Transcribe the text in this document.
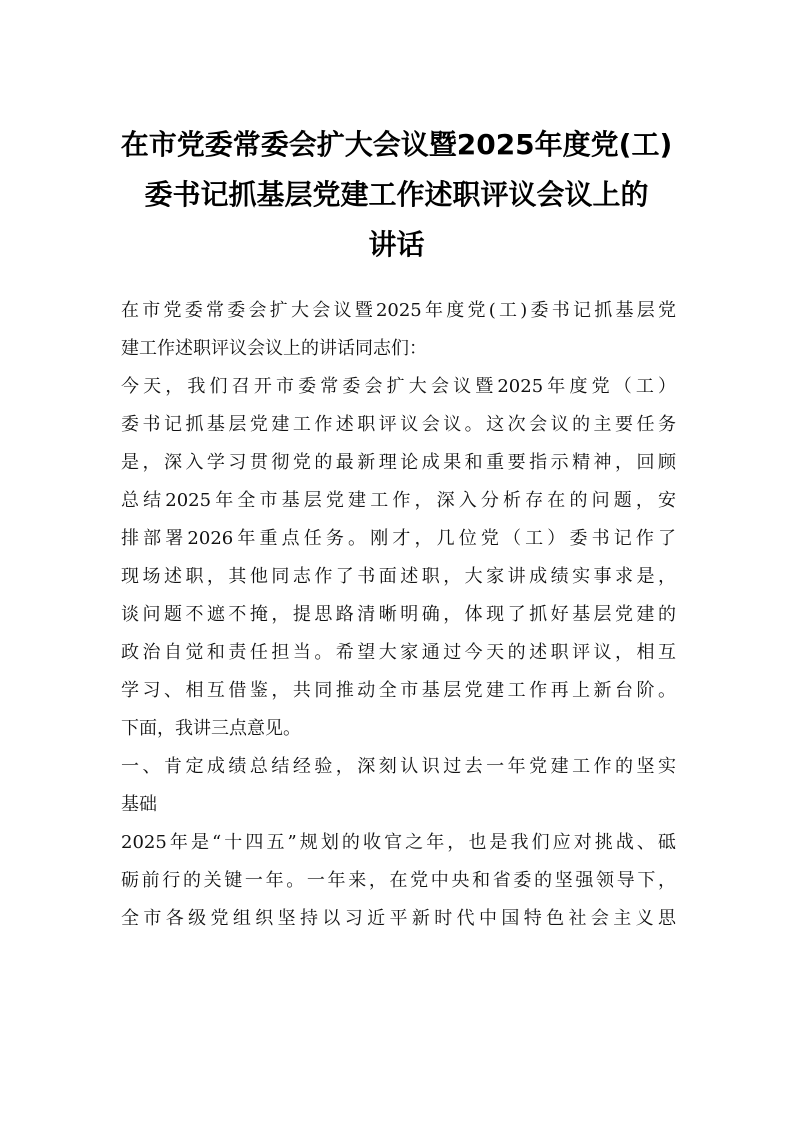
在市党委常委会扩大会议暨2025年度党(工)
委书记抓基层党建工作述职评议会议上的
讲话
在市党委常委会扩大会议暨2025年度党(工)委书记抓基层党
建工作述职评议会议上的讲话同志们：
今天，我们召开市委常委会扩大会议暨2025年度党（工）
委书记抓基层党建工作述职评议会议。这次会议的主要任务
是，深入学习贯彻党的最新理论成果和重要指示精神，回顾
总结2025年全市基层党建工作，深入分析存在的问题，安
排部署2026年重点任务。刚才，几位党（工）委书记作了
现场述职，其他同志作了书面述职，大家讲成绩实事求是，
谈问题不遮不掩，提思路清晰明确，体现了抓好基层党建的
政治自觉和责任担当。希望大家通过今天的述职评议，相互
学习、相互借鉴，共同推动全市基层党建工作再上新台阶。
下面，我讲三点意见。
一、肯定成绩总结经验，深刻认识过去一年党建工作的坚实
基础
2025年是“十四五”规划的收官之年，也是我们应对挑战、砥
砺前行的关键一年。一年来，在党中央和省委的坚强领导下，
全市各级党组织坚持以习近平新时代中国特色社会主义思
